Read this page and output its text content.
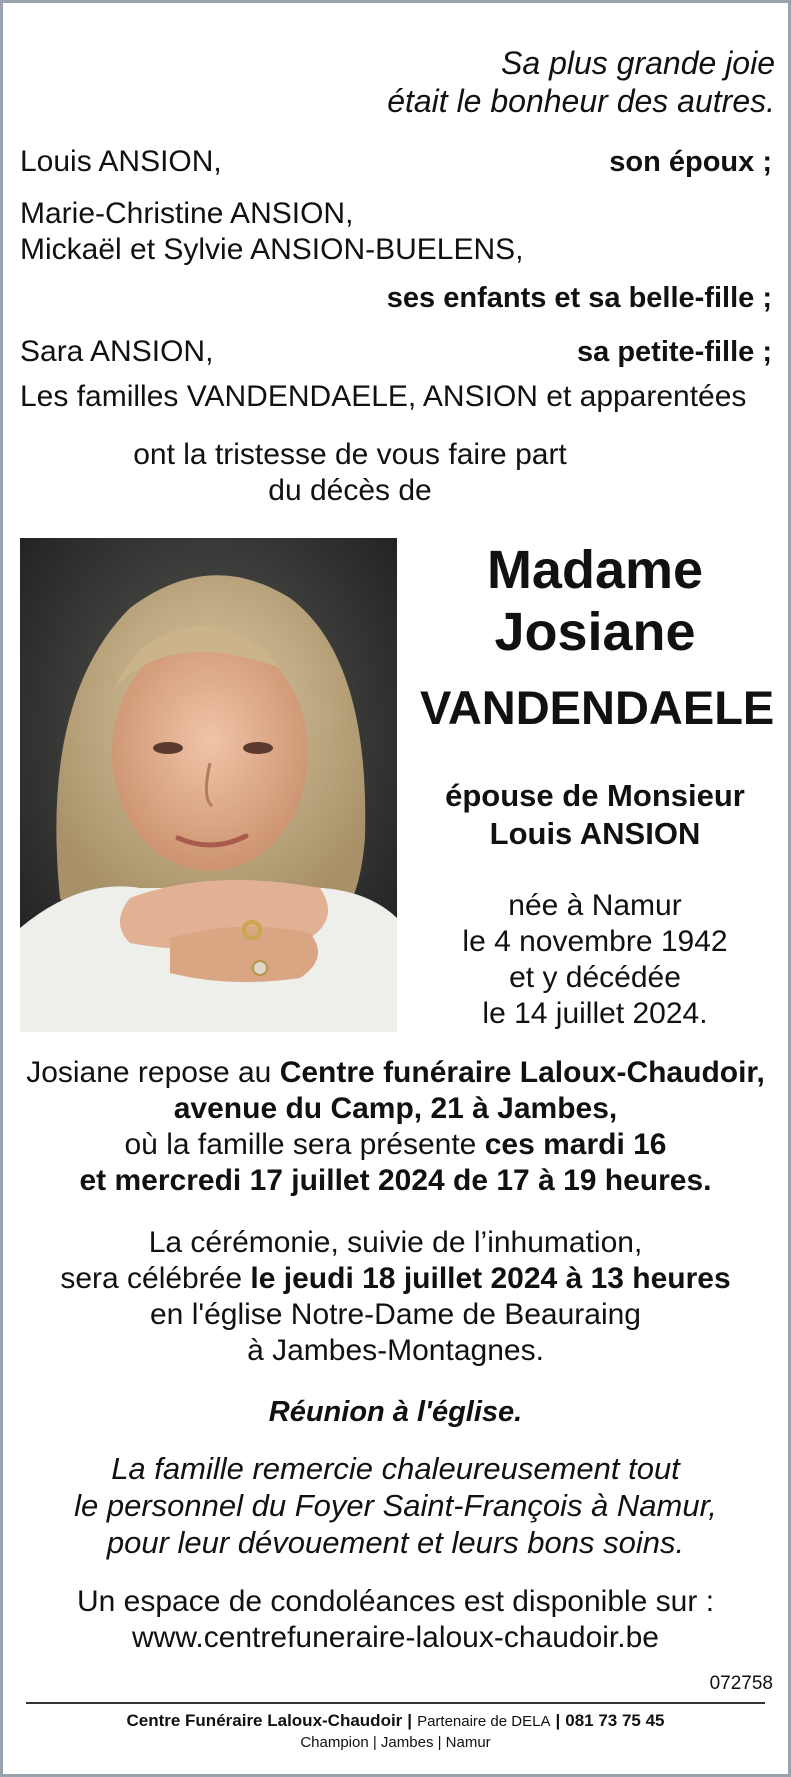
Sa plus grande joie
était le bonheur des autres.
Louis ANSION,	son époux ;
Marie-Christine ANSION,
Mickaël et Sylvie ANSION-BUELENS,
ses enfants et sa belle-fille ;
Sara ANSION,	sa petite-fille ;
Les familles VANDENDAELE, ANSION et apparentées
ont la tristesse de vous faire part
du décès de
Madame
Josiane
VANDENDAELE
épouse de Monsieur
Louis ANSION
née à Namur
le 4 novembre 1942
et y décédée
le 14 juillet 2024.
Josiane repose au Centre funéraire Laloux-Chaudoir,
avenue du Camp, 21 à Jambes,
où la famille sera présente ces mardi 16
et mercredi 17 juillet 2024 de 17 à 19 heures.
La cérémonie, suivie de l’inhumation,
sera célébrée le jeudi 18 juillet 2024 à 13 heures
en l'église Notre-Dame de Beauraing
à Jambes-Montagnes.
Réunion à l'église.
La famille remercie chaleureusement tout
le personnel du Foyer Saint-François à Namur,
pour leur dévouement et leurs bons soins.
Un espace de condoléances est disponible sur :
www.centrefuneraire-laloux-chaudoir.be
072758
Centre Funéraire Laloux-Chaudoir | Partenaire de DELA | 081 73 75 45
Champion | Jambes | Namur
